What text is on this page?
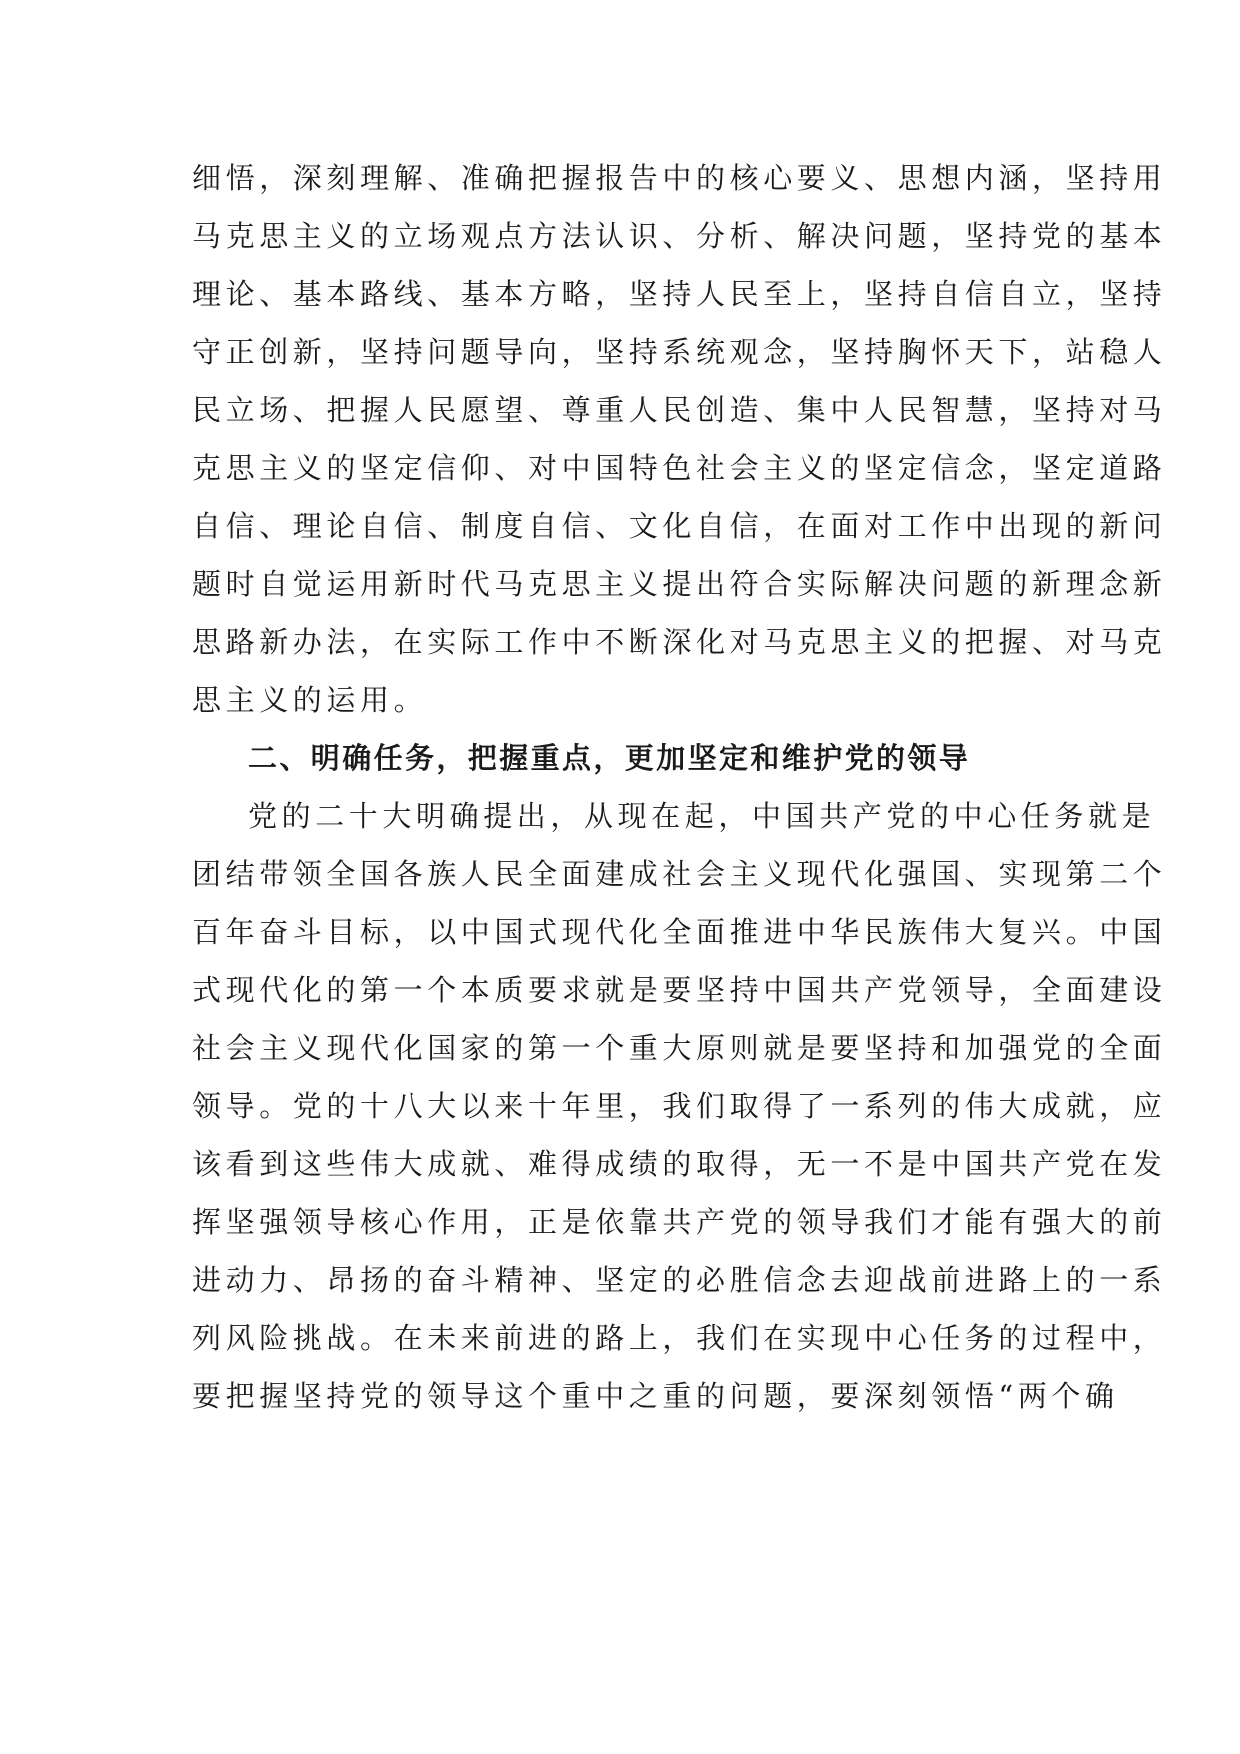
细悟，深刻理解、准确把握报告中的核心要义、思想内涵，坚持用
马克思主义的立场观点方法认识、分析、解决问题，坚持党的基本
理论、基本路线、基本方略，坚持人民至上，坚持自信自立，坚持
守正创新，坚持问题导向，坚持系统观念，坚持胸怀天下，站稳人
民立场、把握人民愿望、尊重人民创造、集中人民智慧，坚持对马
克思主义的坚定信仰、对中国特色社会主义的坚定信念，坚定道路
自信、理论自信、制度自信、文化自信，在面对工作中出现的新问
题时自觉运用新时代马克思主义提出符合实际解决问题的新理念新
思路新办法，在实际工作中不断深化对马克思主义的把握、对马克
思主义的运用。
二、明确任务，把握重点，更加坚定和维护党的领导
党的二十大明确提出，从现在起，中国共产党的中心任务就是
团结带领全国各族人民全面建成社会主义现代化强国、实现第二个
百年奋斗目标，以中国式现代化全面推进中华民族伟大复兴。中国
式现代化的第一个本质要求就是要坚持中国共产党领导，全面建设
社会主义现代化国家的第一个重大原则就是要坚持和加强党的全面
领导。党的十八大以来十年里，我们取得了一系列的伟大成就，应
该看到这些伟大成就、难得成绩的取得，无一不是中国共产党在发
挥坚强领导核心作用，正是依靠共产党的领导我们才能有强大的前
进动力、昂扬的奋斗精神、坚定的必胜信念去迎战前进路上的一系
列风险挑战。在未来前进的路上，我们在实现中心任务的过程中，
要把握坚持党的领导这个重中之重的问题，要深刻领悟“两个确
